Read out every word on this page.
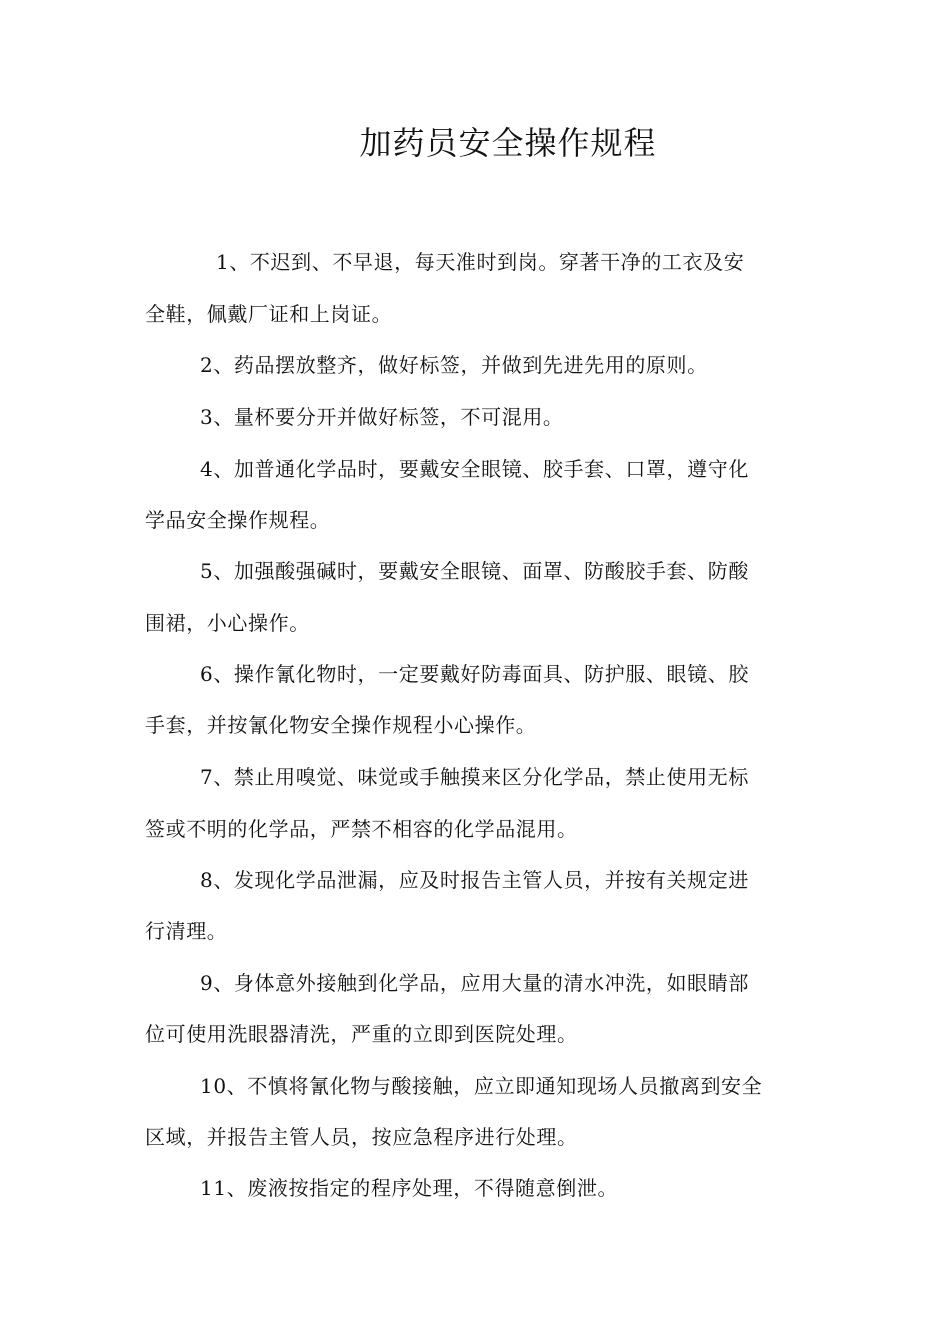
加药员安全操作规程

1、不迟到、不早退，每天准时到岗。穿著干净的工衣及安

全鞋，佩戴厂证和上岗证。

2、药品摆放整齐，做好标签，并做到先进先用的原则。

3、量杯要分开并做好标签，不可混用。

4、加普通化学品时，要戴安全眼镜、胶手套、口罩，遵守化

学品安全操作规程。

5、加强酸强碱时，要戴安全眼镜、面罩、防酸胶手套、防酸

围裙，小心操作。

6、操作氰化物时，一定要戴好防毒面具、防护服、眼镜、胶

手套，并按氰化物安全操作规程小心操作。

7、禁止用嗅觉、味觉或手触摸来区分化学品，禁止使用无标

签或不明的化学品，严禁不相容的化学品混用。

8、发现化学品泄漏，应及时报告主管人员，并按有关规定进

行清理。

9、身体意外接触到化学品，应用大量的清水冲洗，如眼睛部

位可使用洗眼器清洗，严重的立即到医院处理。

10、不慎将氰化物与酸接触，应立即通知现场人员撤离到安全

区域，并报告主管人员，按应急程序进行处理。

11、废液按指定的程序处理，不得随意倒泄。
